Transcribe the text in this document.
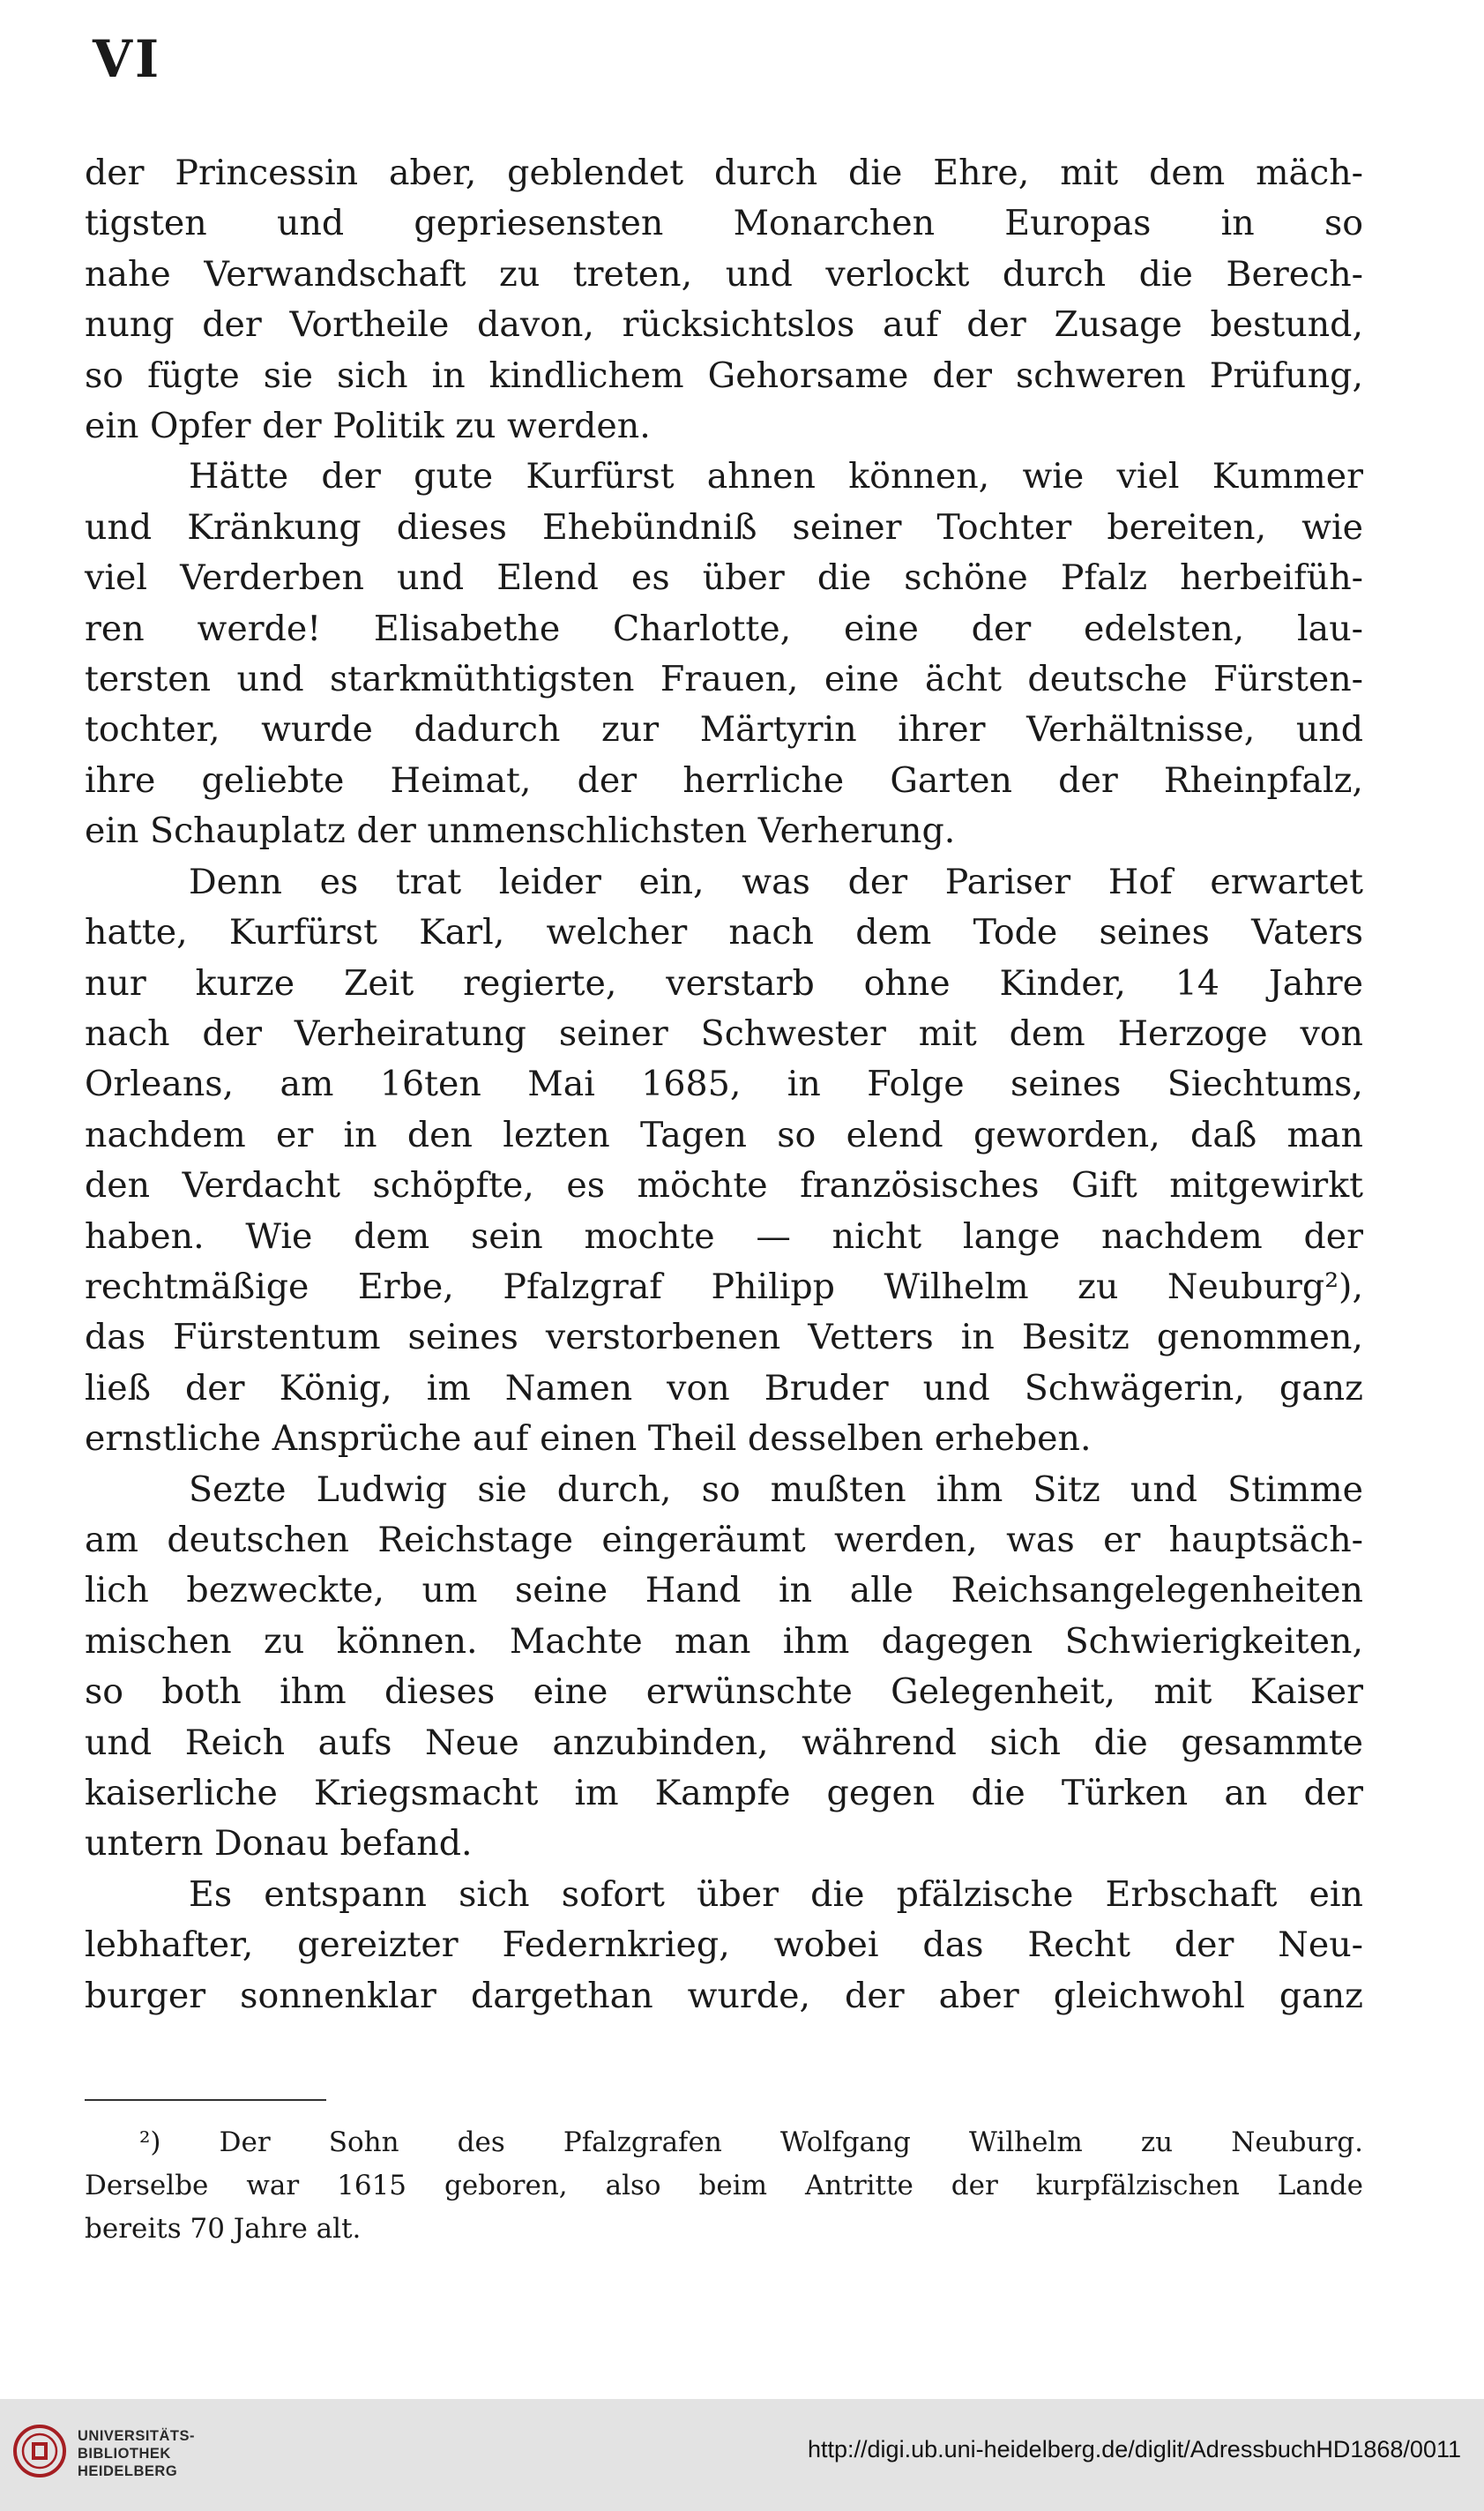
VI
der Princessin aber, geblendet durch die Ehre, mit dem mäch-
tigsten und gepriesensten Monarchen Europas in so
nahe Verwandschaft zu treten, und verlockt durch die Berech-
nung der Vortheile davon, rücksichtslos auf der Zusage bestund,
so fügte sie sich in kindlichem Gehorsame der schweren Prüfung,
ein Opfer der Politik zu werden.
Hätte der gute Kurfürst ahnen können, wie viel Kummer
und Kränkung dieses Ehebündniß seiner Tochter bereiten, wie
viel Verderben und Elend es über die schöne Pfalz herbeifüh-
ren werde! Elisabethe Charlotte, eine der edelsten, lau-
tersten und starkmüthtigsten Frauen, eine ächt deutsche Fürsten-
tochter, wurde dadurch zur Märtyrin ihrer Verhältnisse, und
ihre geliebte Heimat, der herrliche Garten der Rheinpfalz,
ein Schauplatz der unmenschlichsten Verherung.
Denn es trat leider ein, was der Pariser Hof erwartet
hatte, Kurfürst Karl, welcher nach dem Tode seines Vaters
nur kurze Zeit regierte, verstarb ohne Kinder, 14 Jahre
nach der Verheiratung seiner Schwester mit dem Herzoge von
Orleans, am 16ten Mai 1685, in Folge seines Siechtums,
nachdem er in den lezten Tagen so elend geworden, daß man
den Verdacht schöpfte, es möchte französisches Gift mitgewirkt
haben. Wie dem sein mochte — nicht lange nachdem der
rechtmäßige Erbe, Pfalzgraf Philipp Wilhelm zu Neuburg²),
das Fürstentum seines verstorbenen Vetters in Besitz genommen,
ließ der König, im Namen von Bruder und Schwägerin, ganz
ernstliche Ansprüche auf einen Theil desselben erheben.
Sezte Ludwig sie durch, so mußten ihm Sitz und Stimme
am deutschen Reichstage eingeräumt werden, was er hauptsäch-
lich bezweckte, um seine Hand in alle Reichsangelegenheiten
mischen zu können. Machte man ihm dagegen Schwierigkeiten,
so both ihm dieses eine erwünschte Gelegenheit, mit Kaiser
und Reich aufs Neue anzubinden, während sich die gesammte
kaiserliche Kriegsmacht im Kampfe gegen die Türken an der
untern Donau befand.
Es entspann sich sofort über die pfälzische Erbschaft ein
lebhafter, gereizter Federnkrieg, wobei das Recht der Neu-
burger sonnenklar dargethan wurde, der aber gleichwohl ganz
²) Der Sohn des Pfalzgrafen Wolfgang Wilhelm zu Neuburg.
Derselbe war 1615 geboren, also beim Antritte der kurpfälzischen Lande
bereits 70 Jahre alt.
UNIVERSITÄTS-
BIBLIOTHEK
HEIDELBERG
http://digi.ub.uni-heidelberg.de/diglit/AdressbuchHD1868/0011
